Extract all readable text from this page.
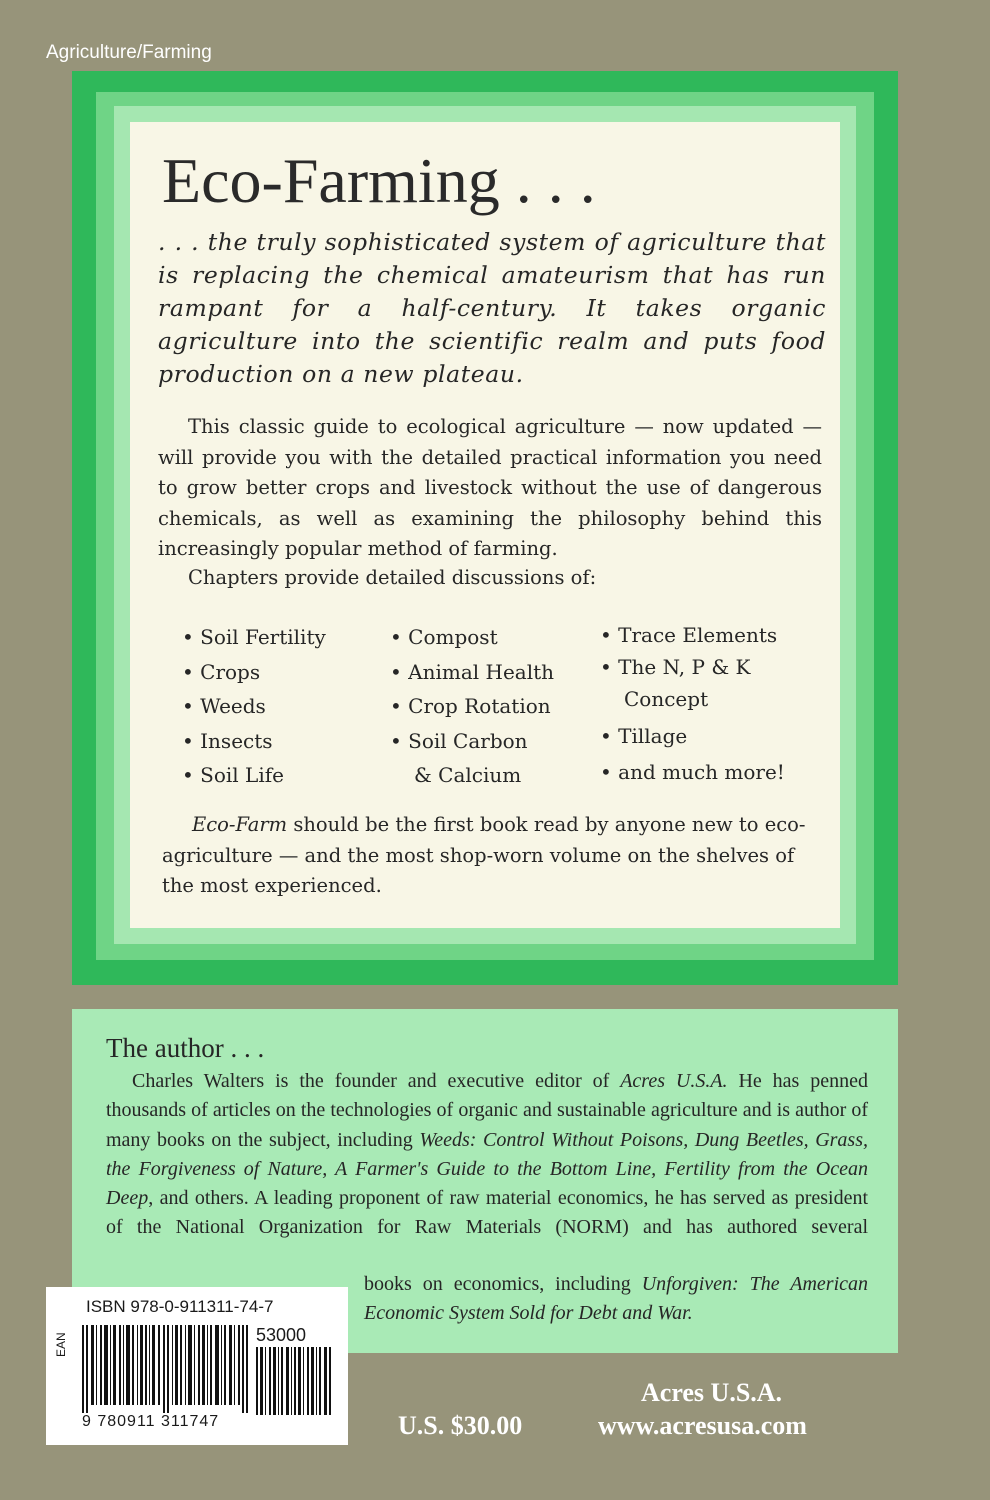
Agriculture/Farming
Eco-Farming . . .

. . . the truly sophisticated system of agriculture that is replacing the chemical amateurism that has run rampant for a half-century. It takes organic agriculture into the scientific realm and puts food production on a new plateau.

This classic guide to ecological agriculture — now updated — will provide you with the detailed practical information you need to grow better crops and livestock without the use of dangerous chemicals, as well as examining the philosophy behind this increasingly popular method of farming.

Chapters provide detailed discussions of:

• Soil Fertility
• Crops
• Weeds
• Insects
• Soil Life
• Compost
• Animal Health
• Crop Rotation
• Soil Carbon
& Calcium
• Trace Elements
• The N, P & K
Concept
• Tillage
• and much more!

Eco-Farm should be the first book read by anyone new to eco-agriculture — and the most shop-worn volume on the shelves of the most experienced.

The author . . .

Charles Walters is the founder and executive editor of Acres U.S.A. He has penned thousands of articles on the technologies of organic and sustainable agriculture and is author of many books on the subject, including Weeds: Control Without Poisons, Dung Beetles, Grass, the Forgiveness of Nature, A Farmer's Guide to the Bottom Line, Fertility from the Ocean Deep, and others. A leading proponent of raw material economics, he has served as president of the National Organization for Raw Materials (NORM) and has authored several

books on economics, including Unforgiven: The American Economic System Sold for Debt and War.

ISBN 978-0-911311-74-7
EAN	53000
9 780911 311747	U.S. $30.00
Acres U.S.A.
www.acresusa.com
